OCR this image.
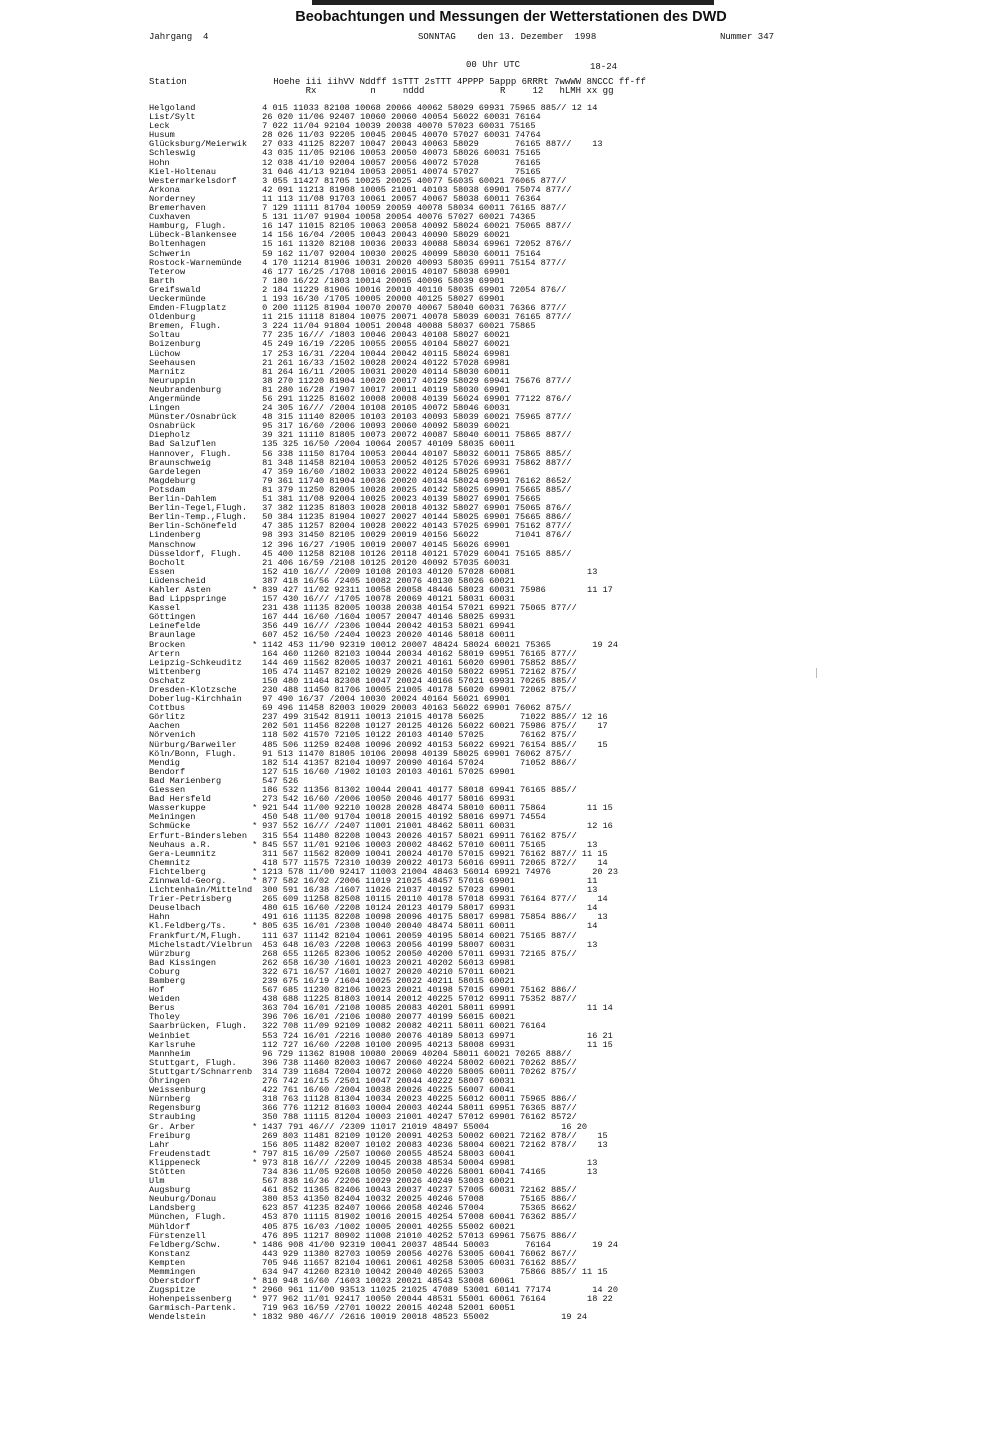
Beobachtungen und Messungen der Wetterstationen des DWD
Jahrgang  4	SONNTAG    den 13. Dezember  1998	Nummer 347
00 Uhr UTC	18-24
Station                Hoehe iii iihVV Nddff 1sTTT 2sTTT 4PPPP 5appp 6RRRt 7wwWW 8NCCC ff-ff
Rx          n     nddd              R     12   hLMH xx gg
Helgoland		4 015 11033 82108 10068 20066 40062 58029 69931 75965 885// 12 14
List/Sylt		26 020 11/06 92407 10060 20060 40054 56022 60031 76164
Leck		7 022 11/04 92104 10039 20038 40070 57023 60031 75165
Husum		28 026 11/03 92205 10045 20045 40070 57027 60031 74764
Glücksburg/Meierwik		27 033 41125 82207 10047 20043 40063 58029       76165 887//    13
Schleswig		43 035 11/05 92106 10053 20050 40073 58026 60031 75165
Hohn		12 038 41/10 92004 10057 20056 40072 57028       76165
Kiel-Holtenau		31 046 41/13 92104 10053 20051 40074 57027       75165
Westermarkelsdorf		3 055 11427 81705 10025 20025 40077 56035 60021 76065 877//
Arkona		42 091 11213 81908 10005 21001 40103 58038 69901 75074 877//
Norderney		11 113 11/08 91703 10061 20057 40067 58038 60011 76364
Bremerhaven		7 129 11111 81704 10059 20059 40078 58034 60011 76165 887//
Cuxhaven		5 131 11/07 91904 10058 20054 40076 57027 60021 74365
Hamburg, Flugh.		16 147 11015 82105 10063 20058 40092 58024 60021 75065 887//
Lübeck-Blankensee		14 156 16/04 /2005 10043 20043 40090 58029 60021
Boltenhagen		15 161 11320 82108 10036 20033 40088 58034 69961 72052 876//
Schwerin		59 162 11/07 92004 10030 20025 40099 58030 60011 75164
Rostock-Warnemünde		4 170 11214 81906 10031 20020 40093 58035 69911 75154 877//
Teterow		46 177 16/25 /1708 10016 20015 40107 58038 69901
Barth		7 180 16/22 /1803 10014 20005 40096 58039 69901
Greifswald		2 184 11229 81906 10016 20010 40110 58035 69901 72054 876//
Ueckermünde		1 193 16/30 /1705 10005 20000 40125 58027 69901
Emden-Flugplatz		0 200 11125 81904 10070 20070 40067 58040 60031 76366 877//
Oldenburg		11 215 11118 81804 10075 20071 40078 58039 60031 76165 877//
Bremen, Flugh.		3 224 11/04 91804 10051 20048 40088 58037 60021 75865
Soltau		77 235 16/// /1803 10046 20043 40108 58027 60021
Boizenburg		45 249 16/19 /2205 10055 20055 40104 58027 60021
Lüchow		17 253 16/31 /2204 10044 20042 40115 58024 69981
Seehausen		21 261 16/33 /1502 10028 20024 40122 57028 69981
Marnitz		81 264 16/11 /2005 10031 20020 40114 58030 60011
Neuruppin		38 270 11220 81904 10020 20017 40129 58029 69941 75676 877//
Neubrandenburg		81 280 16/28 /1907 10017 20011 40119 58030 69901
Angermünde		56 291 11225 81602 10008 20008 40139 56024 69901 77122 876//
Lingen		24 305 16/// /2004 10108 20105 40072 58046 60031
Münster/Osnabrück		48 315 11140 82005 10103 20103 40093 58039 60021 75965 877//
Osnabrück		95 317 16/60 /2006 10093 20060 40092 58039 60021
Diepholz		39 321 11110 81805 10073 20072 40087 58040 60011 75865 887//
Bad Salzuflen		135 325 16/50 /2004 10064 20057 40109 58035 60011
Hannover, Flugh.		56 338 11150 81704 10053 20044 40107 58032 60011 75865 885//
Braunschweig		81 348 11458 82104 10053 20052 40125 57026 69931 75862 887//
Gardelegen		47 359 16/60 /1802 10033 20022 40124 58025 69961
Magdeburg		79 361 11740 81904 10036 20020 40134 58024 69991 76162 8652/
Potsdam		81 379 11250 82005 10028 20025 40142 58025 69901 75665 885//
Berlin-Dahlem		51 381 11/08 92004 10025 20023 40139 58027 69901 75665
Berlin-Tegel,Flugh.		37 382 11235 81803 10028 20018 40132 58027 69901 75065 876//
Berlin-Temp.,Flugh.		50 384 11235 81904 10027 20027 40144 58025 69901 75665 886//
Berlin-Schönefeld		47 385 11257 82004 10028 20022 40143 57025 69901 75162 877//
Lindenberg		98 393 31450 82105 10029 20019 40156 56022       71041 876//
Manschnow		12 396 16/27 /1905 10019 20007 40145 56026 69901
Düsseldorf, Flugh.		45 400 11258 82108 10126 20118 40121 57029 60041 75165 885//
Bocholt		21 406 16/59 /2108 10125 20120 40092 57035 60031
Essen		152 410 16/// /2009 10108 20103 40120 57028 60081              13
Lüdenscheid		387 418 16/56 /2405 10082 20076 40130 58026 60021
Kahler Asten	*	839 427 11/02 92311 10058 20058 48446 58023 60031 75986        11 17
Bad Lippspringe		157 430 16/// /1705 10078 20069 40121 58031 60031
Kassel		231 438 11135 82005 10038 20038 40154 57021 69921 75065 877//
Göttingen		167 444 16/60 /1604 10057 20047 40146 58025 69931
Leinefelde		356 449 16/// /2306 10044 20042 40153 58021 69941
Braunlage		607 452 16/50 /2404 10023 20020 40146 58018 60011
Brocken	*	1142 453 11/90 92319 10012 20007 48424 58024 60021 75365        19 24
Artern		164 460 11260 82103 10044 20034 40162 58019 69951 76165 877//
Leipzig-Schkeuditz		144 469 11562 82005 10037 20021 40161 56020 69901 75852 885//
Wittenberg		105 474 11457 82102 10029 20026 40150 58022 69951 72162 875//
Oschatz		150 480 11464 82308 10047 20024 40166 57021 69931 70265 885//
Dresden-Klotzsche		230 488 11450 81706 10005 21005 40178 56020 69901 72062 875//
Doberlug-Kirchhain		97 490 16/37 /2004 10030 20024 40164 56021 69901
Cottbus		69 496 11458 82003 10029 20003 40163 56022 69901 76062 875//
Görlitz		237 499 31542 81911 10013 21015 40178 56025       71022 885// 12 16
Aachen		202 501 11456 82208 10127 20125 40126 56022 60021 75986 875//    17
Nörvenich		118 502 41570 72105 10122 20103 40140 57025       76162 875//
Nürburg/Barweiler		485 506 11259 82408 10096 20092 40153 56022 69921 76154 885//    15
Köln/Bonn, Flugh.		91 513 11470 81805 10106 20098 40139 58025 69901 76062 875//
Mendig		182 514 41357 82104 10097 20090 40164 57024       71052 886//
Bendorf		127 515 16/60 /1902 10103 20103 40161 57025 69901
Bad Marienberg		547 526
Giessen		186 532 11356 81302 10044 20041 40177 58018 69941 76165 885//
Bad Hersfeld		273 542 16/60 /2006 10050 20046 40177 58016 69931
Wasserkuppe	*	921 544 11/00 92210 10028 20028 48474 58010 60011 75864        11 15
Meiningen		450 548 11/00 91704 10018 20015 40192 58016 69971 74554
Schmücke	*	937 552 16/// /2407 11001 21001 48462 58011 60031              12 16
Erfurt-Bindersleben		315 554 11480 82208 10043 20026 40157 58021 69911 76162 875//
Neuhaus a.R.	*	845 557 11/01 92106 10003 20002 48462 57010 60011 75165        13
Gera-Leumnitz		311 567 11562 82009 10041 20024 40170 57015 69921 76162 887// 11 15
Chemnitz		418 577 11575 72310 10039 20022 40173 56016 69911 72065 872//    14
Fichtelberg	*	1213 578 11/00 92417 11003 21004 48463 56014 69921 74976        20 23
Zinnwald-Georg.	*	877 582 16/02 /2006 11019 21025 48457 57016 69901              11
Lichtenhain/Mittelnd		300 591 16/38 /1607 11026 21037 40192 57023 69901              13
Trier-Petrisberg		265 609 11258 82508 10115 20110 40178 57018 69931 76164 877//    14
Deuselbach		480 615 16/60 /2208 10124 20123 40179 58017 69931              14
Hahn		491 616 11135 82208 10098 20096 40175 58017 69981 75854 886//    13
Kl.Feldberg/Ts.	*	805 635 16/01 /2308 10040 20040 48474 58011 60011              14
Frankfurt/M,Flugh.		111 637 11142 82104 10061 20059 40195 58014 60021 75165 887//
Michelstadt/Vielbrun		453 648 16/03 /2208 10063 20056 40199 58007 60031              13
Würzburg		268 655 11265 82306 10052 20050 40200 57011 69931 72165 875//
Bad Kissingen		262 658 16/30 /1601 10023 20021 40202 56013 69981
Coburg		322 671 16/57 /1601 10027 20020 40210 57011 60021
Bamberg		239 675 16/19 /1604 10025 20022 40211 58015 60021
Hof		567 685 11230 82106 10023 20021 40198 57015 69901 75162 886//
Weiden		438 688 11225 81803 10014 20012 40225 57012 69911 75352 887//
Berus		363 704 16/01 /2108 10085 20083 40201 58011 69991              11 14
Tholey		396 706 16/01 /2106 10080 20077 40199 56015 60021
Saarbrücken, Flugh.		322 708 11/09 92109 10082 20082 40211 58011 60021 76164
Weinbiet		553 724 16/01 /2216 10080 20076 40189 58013 69971              16 21
Karlsruhe		112 727 16/60 /2208 10100 20095 40213 58008 69931              11 15
Mannheim		96 729 11362 81908 10080 20069 40204 58011 60021 70265 888//
Stuttgart, Flugh.		396 738 11460 82003 10067 20060 40224 58002 60021 70262 885//
Stuttgart/Schnarrenb		314 739 11684 72004 10072 20060 40220 58005 60011 70262 875//
Öhringen		276 742 16/15 /2501 10047 20044 40222 58007 60031
Weissenburg		422 761 16/60 /2004 10038 20026 40225 56007 60041
Nürnberg		318 763 11128 81304 10034 20023 40225 56012 60011 75965 886//
Regensburg		366 776 11212 81603 10004 20003 40244 58011 69951 76365 887//
Straubing		350 788 11115 81204 10003 21001 40247 57012 69901 76162 8572/
Gr. Arber	*	1437 791 46/// /2309 11017 21019 48497 55004              16 20
Freiburg		269 803 11481 82109 10120 20091 40253 50002 60021 72162 878//    15
Lahr		156 805 11482 82007 10102 20083 40236 58004 60021 72162 878//    13
Freudenstadt	*	797 815 16/09 /2507 10060 20055 48524 58003 60041
Klippeneck	*	973 818 16/// /2209 10045 20038 48534 50004 69981              13
Stötten		734 836 11/05 92608 10050 20050 40226 58001 60041 74165        13
Ulm		567 838 16/36 /2206 10029 20026 40249 53003 60021
Augsburg		461 852 11365 82406 10043 20037 40237 57005 60031 72162 885//
Neuburg/Donau		380 853 41350 82404 10032 20025 40246 57008       75165 886//
Landsberg		623 857 41235 82407 10066 20058 40246 57004       75365 8662/
München, Flugh.		453 870 11115 81902 10016 20015 40254 57008 60041 76362 885//
Mühldorf		405 875 16/03 /1002 10005 20001 40255 55002 60021
Fürstenzell		476 895 11217 80902 11008 21010 40252 57013 69961 75675 886//
Feldberg/Schw.	*	1486 908 41/00 92319 10041 20037 48544 50003       76164        19 24
Konstanz		443 929 11380 82703 10059 20056 40276 53005 60041 76062 867//
Kempten		705 946 11657 82104 10061 20061 40258 53005 60031 76162 885//
Memmingen		634 947 41260 82310 10042 20040 40265 53003       75866 885// 11 15
Oberstdorf	*	810 948 16/60 /1603 10023 20021 48543 53008 60061
Zugspitze	*	2960 961 11/00 93513 11025 21025 47089 53001 60141 77174        14 20
Hohenpeissenberg	*	977 962 11/01 92417 10050 20044 48531 55001 60061 76164        18 22
Garmisch-Partenk.		719 963 16/59 /2701 10022 20015 40248 52001 60051
Wendelstein	*	1832 980 46/// /2616 10019 20018 48523 55002              19 24
